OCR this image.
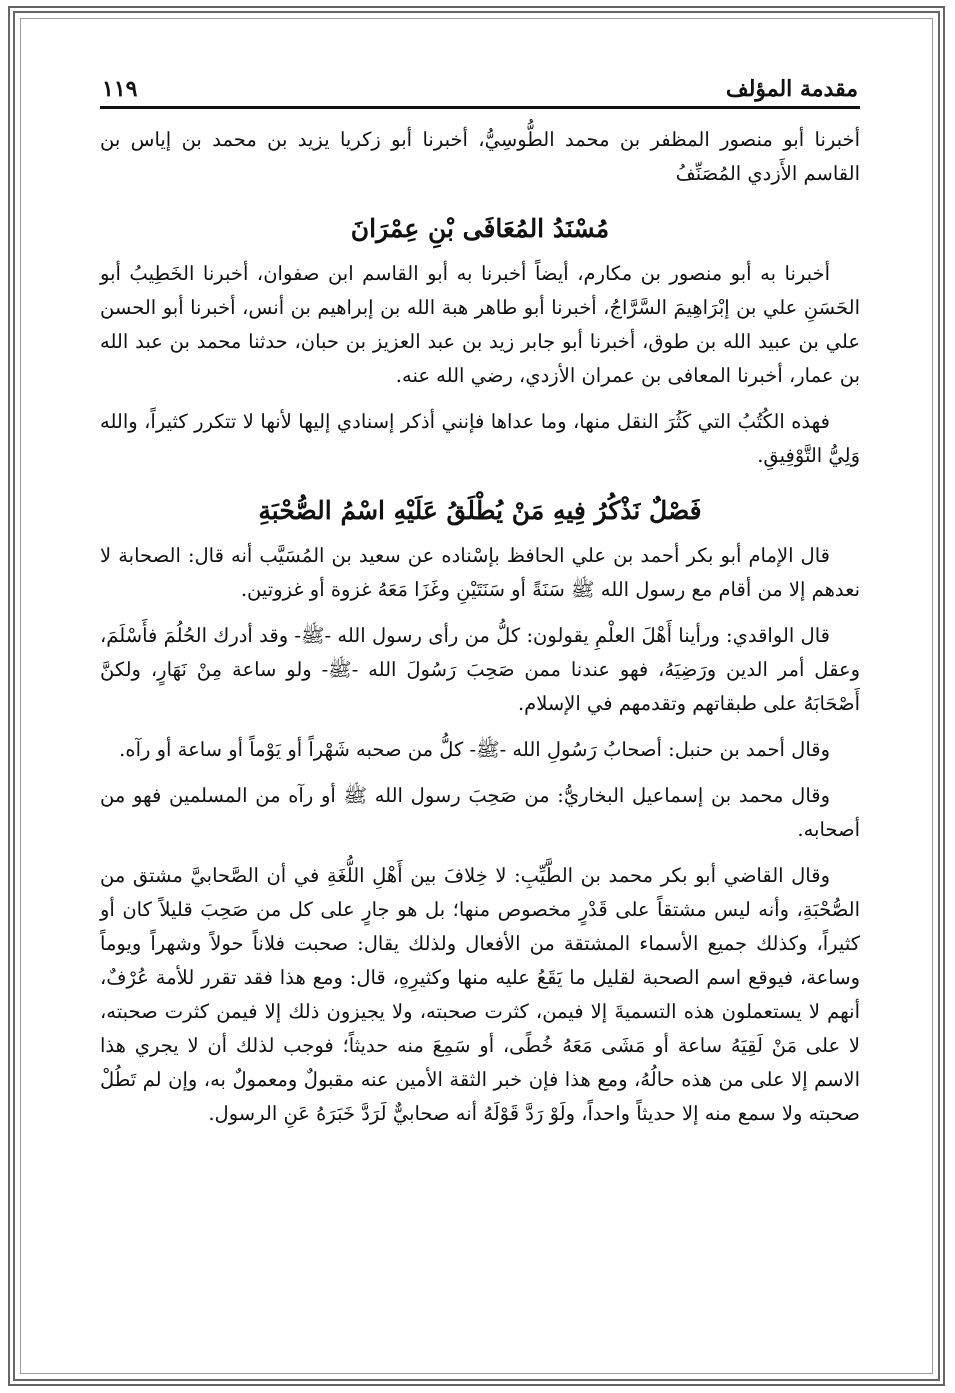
مقدمة المؤلف
١١٩

أخبرنا أبو منصور المظفر بن محمد الطُّوسِيُّ، أخبرنا أبو زكريا يزيد بن محمد بن إياس بن القاسم الأَزدي المُصَنِّفُ

مُسْنَدُ المُعَافَى بْنِ عِمْرَانَ

أخبرنا به أبو منصور بن مكارم، أيضاً أخبرنا به أبو القاسم ابن صفوان، أخبرنا الخَطِيبُ أبو الحَسَنِ علي بن إبْرَاهِيمَ السَّرَّاجُ، أخبرنا أبو طاهر هبة الله بن إبراهيم بن أنس، أخبرنا أبو الحسن علي بن عبيد الله بن طوق، أخبرنا أبو جابر زيد بن عبد العزيز بن حبان، حدثنا محمد بن عبد الله بن عمار، أخبرنا المعافى بن عمران الأزدي، رضي الله عنه.

فهذه الكُتُبُ التي كَثُرَ النقل منها، وما عداها فإنني أذكر إسنادي إليها لأنها لا تتكرر كثيراً، والله وَلِيُّ التَّوْفِيقِ.

فَصْلٌ نَذْكُرُ فِيهِ مَنْ يُطْلَقُ عَلَيْهِ اسْمُ الصُّحْبَةِ

قال الإمام أبو بكر أحمد بن علي الحافظ بإسْناده عن سعيد بن المُسَيَّب أنه قال: الصحابة لا نعدهم إلا من أقام مع رسول الله ﷺ سَنَةً أو سَنَتَيْنِ وغَزَا مَعَهُ غزوة أو غزوتين.

قال الواقدي: ورأينا أَهْلَ العلْمِ يقولون: كلُّ من رأى رسول الله -ﷺ- وقد أدرك الحُلُمَ فأَسْلَمَ، وعقل أمر الدين ورَضِيَهُ، فهو عندنا ممن صَحِبَ رَسُولَ الله -ﷺ- ولو ساعة مِنْ نَهَارٍ، ولكنَّ أَصْحَابَهُ على طبقاتهم وتقدمهم في الإسلام.

وقال أحمد بن حنبل: أصحابُ رَسُولِ الله -ﷺ- كلُّ من صحبه شَهْراً أو يَوْماً أو ساعة أو رآه.

وقال محمد بن إسماعيل البخاريُّ: من صَحِبَ رسول الله ﷺ أو رآه من المسلمين فهو من أصحابه.

وقال القاضي أبو بكر محمد بن الطَّيِّبِ: لا خِلافَ بين أَهْلِ اللُّغَةِ في أن الصَّحابيَّ مشتق من الصُّحْبَةِ، وأنه ليس مشتقاً على قَدْرٍ مخصوص منها؛ بل هو جارٍ على كل من صَحِبَ قليلاً كان أو كثيراً، وكذلك جميع الأسماء المشتقة من الأفعال ولذلك يقال: صحبت فلاناً حولاً وشهراً ويوماً وساعة، فيوقع اسم الصحبة لقليل ما يَقَعُ عليه منها وكثيرِهِ، قال: ومع هذا فقد تقرر للأمة عُرْفٌ، أنهم لا يستعملون هذه التسميةَ إلا فيمن، كثرت صحبته، ولا يجيزون ذلك إلا فيمن كثرت صحبته، لا على مَنْ لَقِيَهُ ساعة أو مَشَى مَعَهُ خُطًى، أو سَمِعَ منه حديثاً؛ فوجب لذلك أن لا يجري هذا الاسم إلا على من هذه حالُهُ، ومع هذا فإن خبر الثقة الأمين عنه مقبولٌ ومعمولٌ به، وإن لم تَطُلْ صحبته ولا سمع منه إلا حديثاً واحداً، ولَوْ رَدَّ قَوْلَهُ أنه صحابيٌّ لَرَدَّ خَبَرَهُ عَنِ الرسول.
